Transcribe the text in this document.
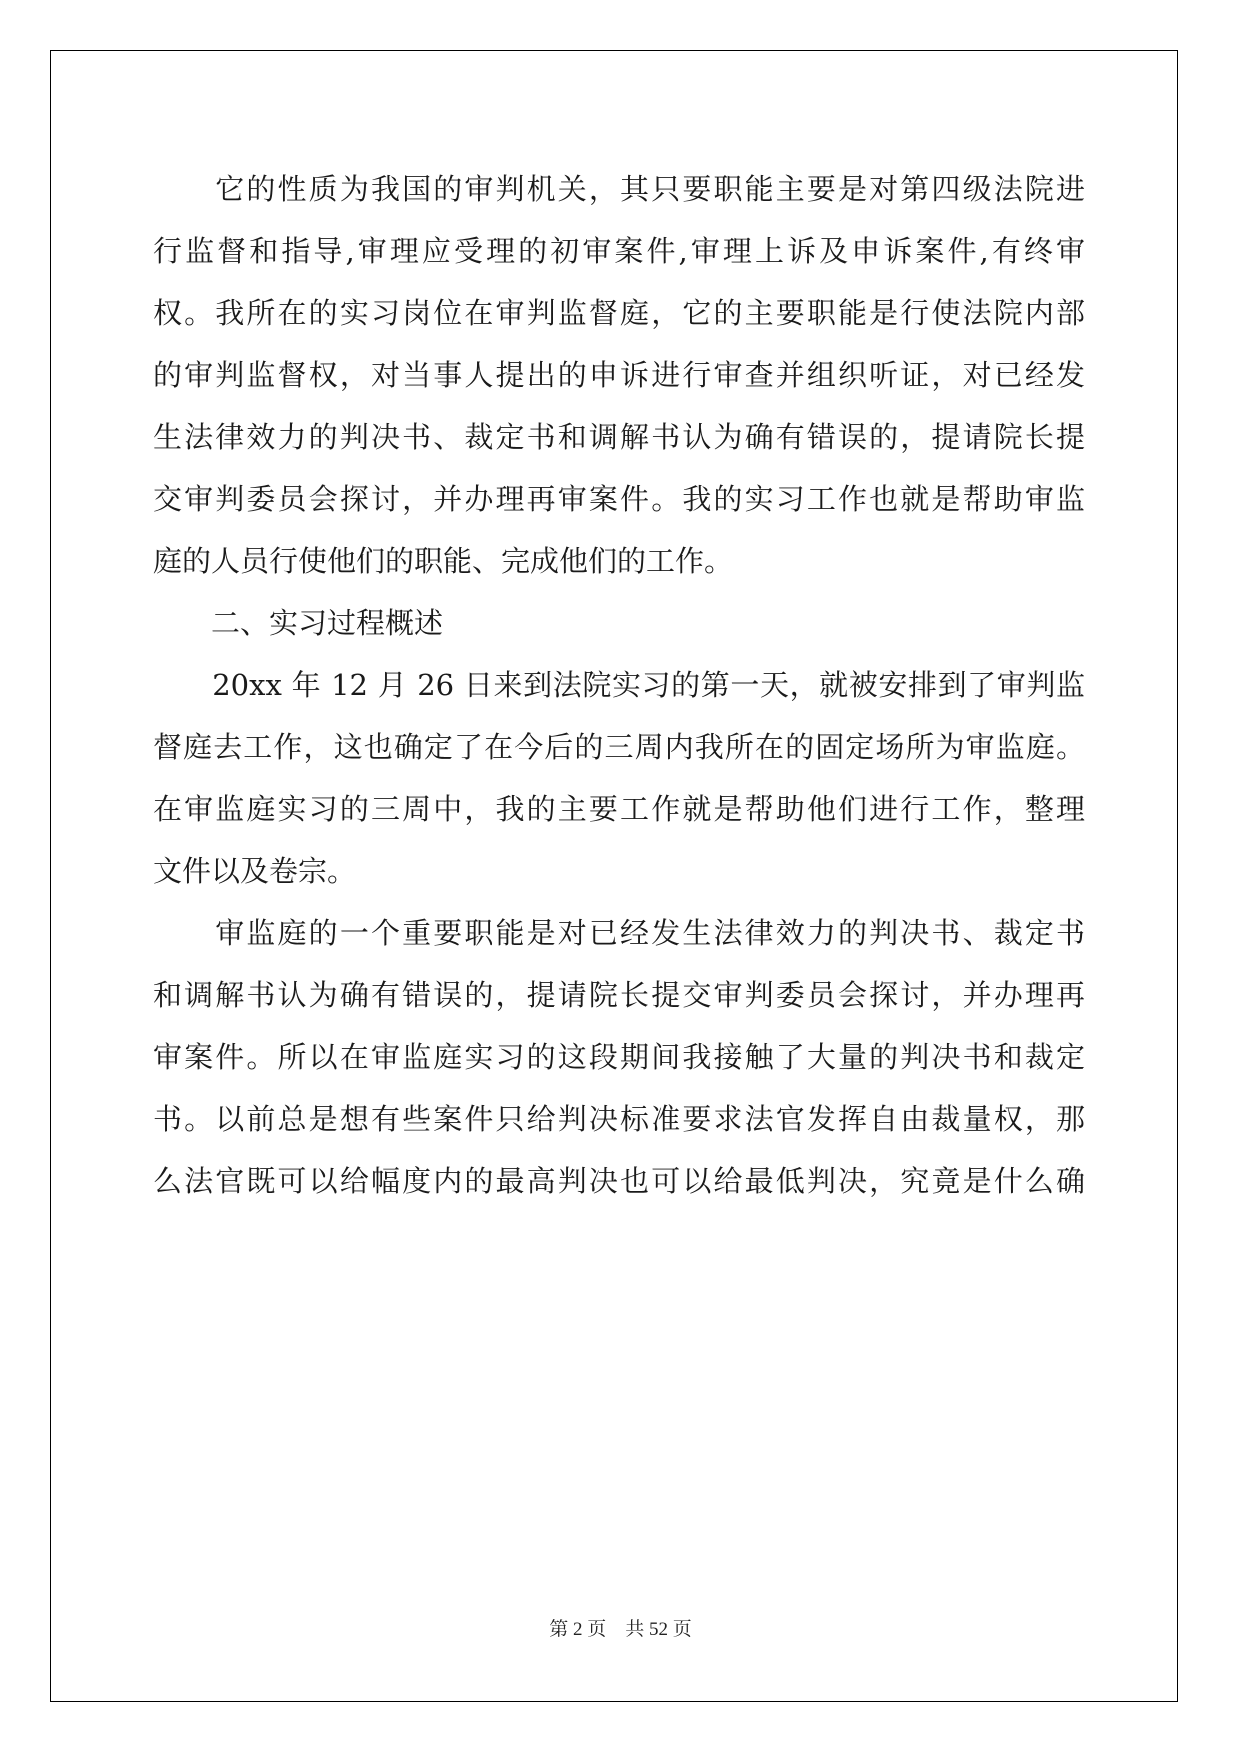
　　它的性质为我国的审判机关，其只要职能主要是对第四级法院进
行监督和指导,审理应受理的初审案件,审理上诉及申诉案件,有终审
权。我所在的实习岗位在审判监督庭，它的主要职能是行使法院内部
的审判监督权，对当事人提出的申诉进行审查并组织听证，对已经发
生法律效力的判决书、裁定书和调解书认为确有错误的，提请院长提
交审判委员会探讨，并办理再审案件。我的实习工作也就是帮助审监
庭的人员行使他们的职能、完成他们的工作。
　　二、实习过程概述
　　20xx 年 12 月 26 日来到法院实习的第一天，就被安排到了审判监
督庭去工作，这也确定了在今后的三周内我所在的固定场所为审监庭。
在审监庭实习的三周中，我的主要工作就是帮助他们进行工作，整理
文件以及卷宗。
　　审监庭的一个重要职能是对已经发生法律效力的判决书、裁定书
和调解书认为确有错误的，提请院长提交审判委员会探讨，并办理再
审案件。所以在审监庭实习的这段期间我接触了大量的判决书和裁定
书。以前总是想有些案件只给判决标准要求法官发挥自由裁量权，那
么法官既可以给幅度内的最高判决也可以给最低判决，究竟是什么确
第 2 页 共 52 页
